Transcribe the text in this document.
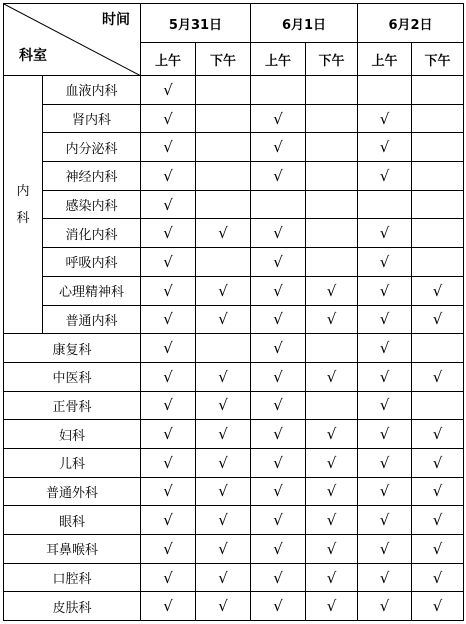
时间
科室		5月31日		6月1日		6月2日	
		上午	下午	上午	下午	上午	下午

内
科	血液内科	√					
	肾内科	√		√		√	
	内分泌科	√		√		√	
	神经内科	√		√		√	
	感染内科	√					
	消化内科	√	√	√		√	
	呼吸内科	√		√		√	
	心理精神科	√	√	√	√	√	√
	普通内科	√	√	√	√	√	√
康复科		√		√		√	
中医科		√	√	√	√	√	√
正骨科		√	√	√		√	
妇科		√	√	√	√	√	√
儿科		√	√	√	√	√	√
普通外科		√	√	√	√	√	√
眼科		√	√	√	√	√	√
耳鼻喉科		√	√	√	√	√	√
口腔科		√	√	√	√	√	√
皮肤科		√	√	√	√	√	√
